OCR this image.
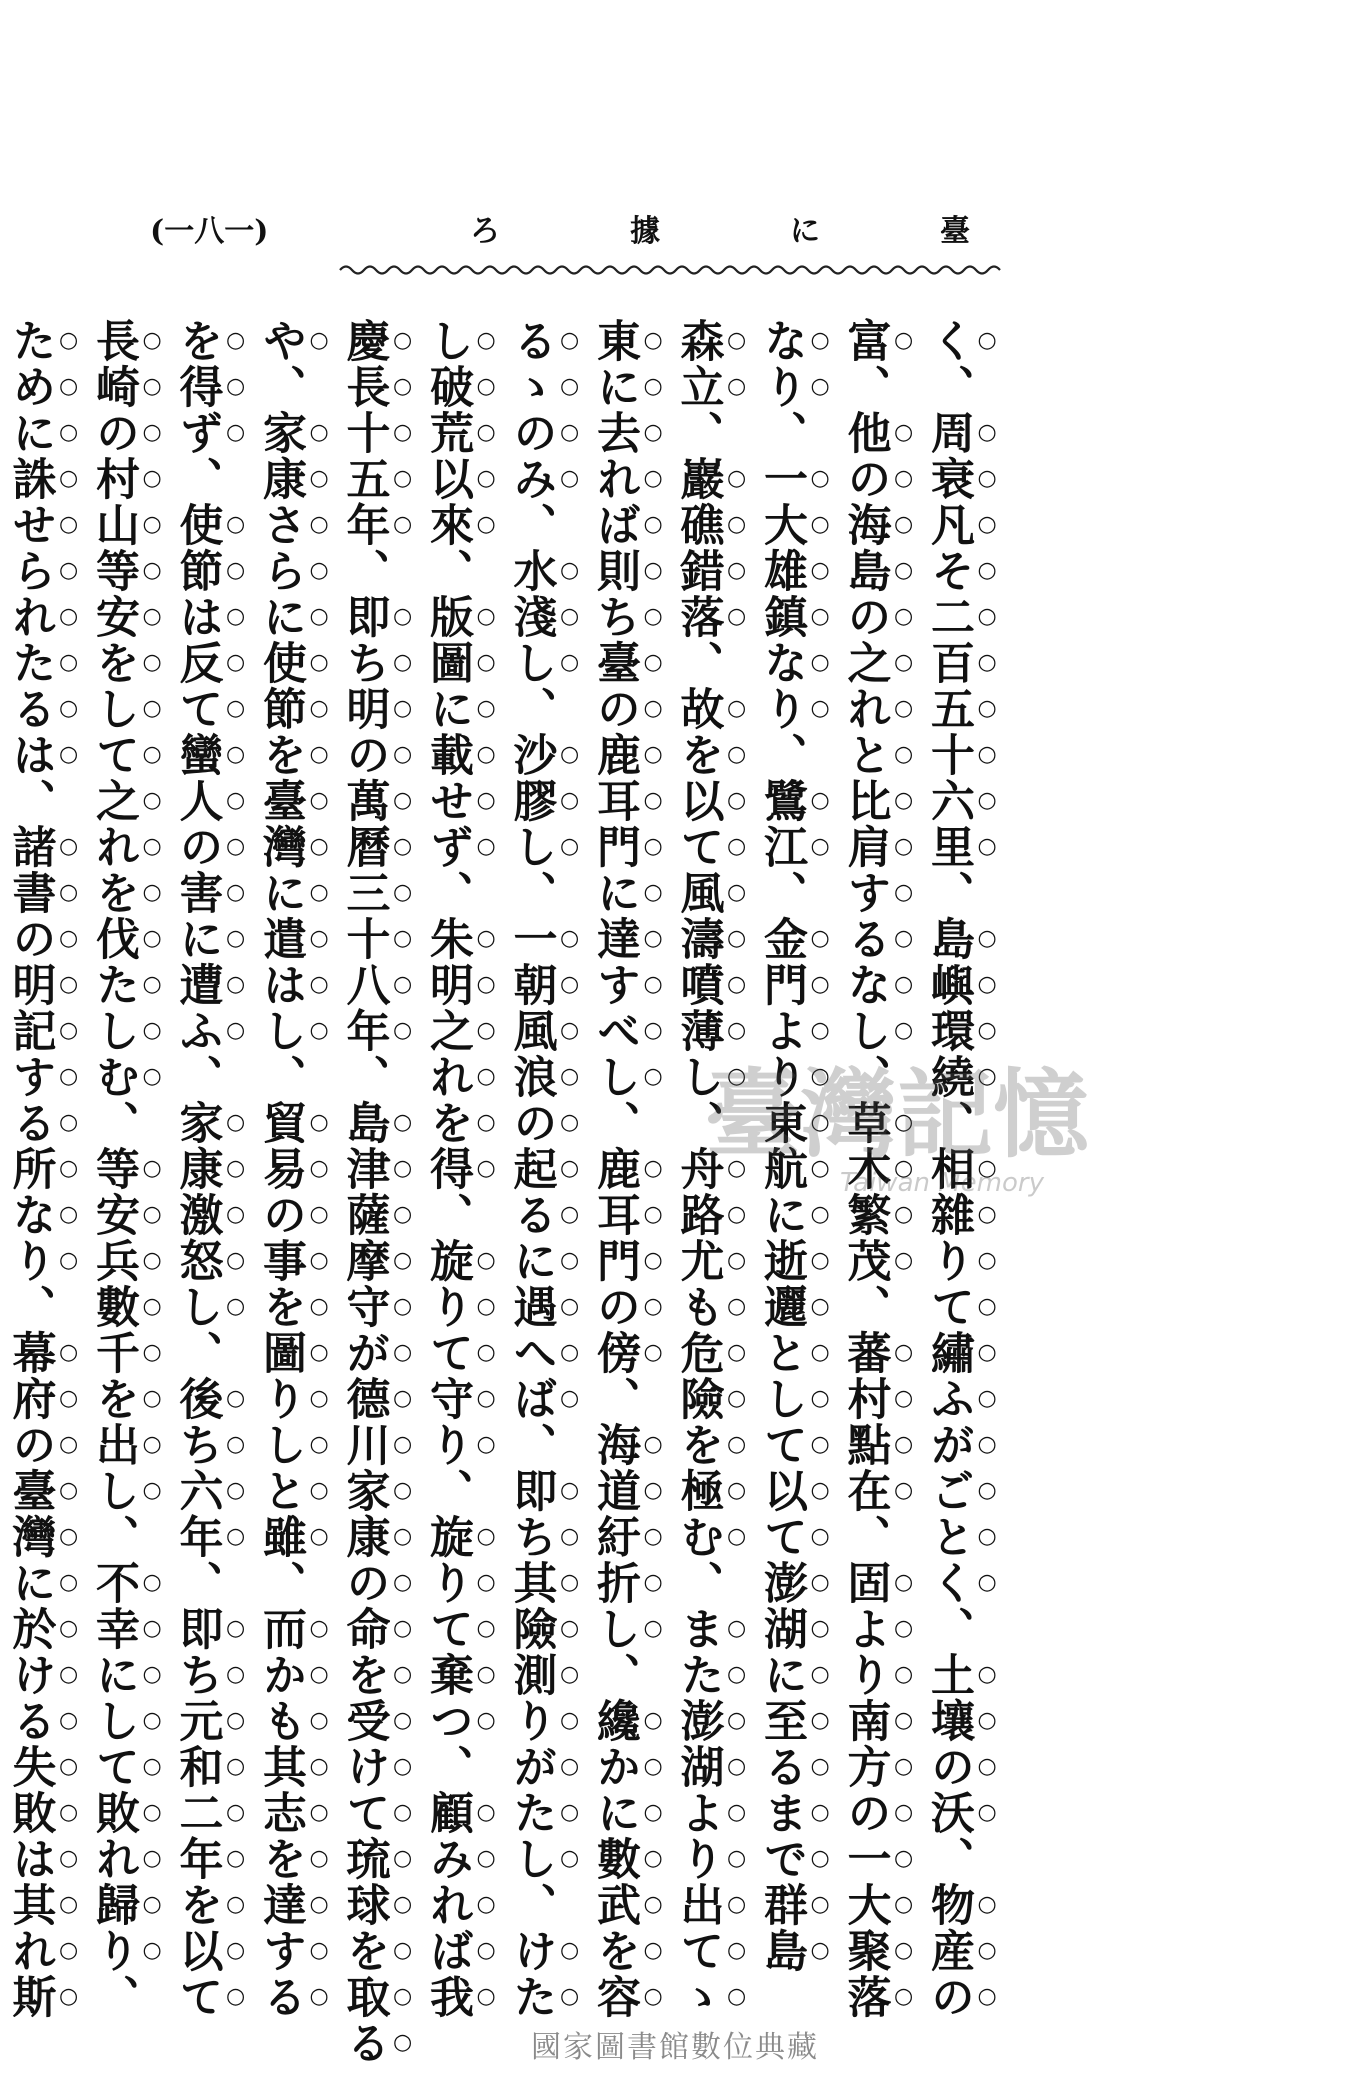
(一八一)	ろ	據	に	臺
く、周衰凡そ二百五十六里、島嶼環繞、相雜りて繡ふがごとく、土壤の沃、物産の
富、他の海島の之れと比肩するなし、草木繁茂、蕃村點在、固より南方の一大聚落
なり、一大雄鎮なり、鷺江、金門より東航に逝邐として以て澎湖に至るまで群島
森立、巖礁錯落、故を以て風濤噴薄し、舟路尤も危險を極む、また澎湖より出てゝ
東に去れば則ち臺の鹿耳門に達すべし、鹿耳門の傍、海道紆折し、纔かに數武を容
るゝのみ、水淺し、沙膠し、一朝風浪の起るに遇へば、即ち其險測りがたし、けた
し破荒以來、版圖に載せず、朱明之れを得、旋りて守り、旋りて棄つ、顧みれば我
慶長十五年、即ち明の萬曆三十八年、島津薩摩守が德川家康の命を受けて琉球を取る
や、家康さらに使節を臺灣に遣はし、貿易の事を圖りしと雖、而かも其志を達する
を得ず、使節は反て蠻人の害に遭ふ、家康激怒し、後ち六年、即ち元和二年を以て
長崎の村山等安をして之れを伐たしむ、等安兵數千を出し、不幸にして敗れ歸り、
ために誅せられたるは、諸書の明記する所なり、幕府の臺灣に於ける失敗は其れ斯	臺灣記憶
Taiwan Memory
國家圖書館數位典藏
